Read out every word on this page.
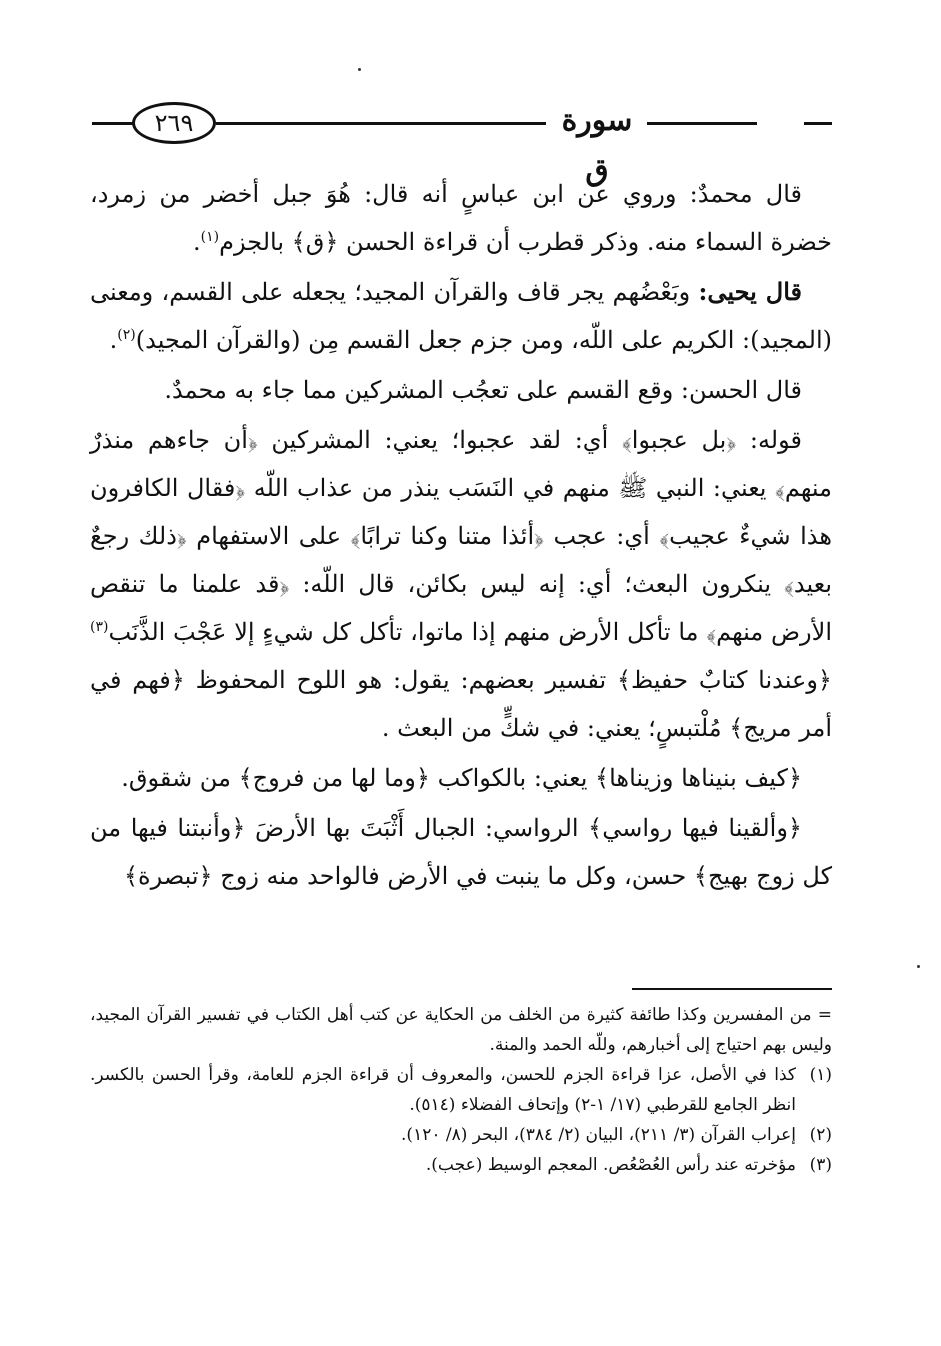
٢٦٩	سورة ق

قال محمدٌ: وروي عن ابن عباسٍ أنه قال: هُوَ جبل أخضر من زمرد، خضرة السماء منه. وذكر قطرب أن قراءة الحسن ﴿ق﴾ بالجزم$^{(١)}$.

قال يحيى: وبَعْضُهم يجر قاف والقرآن المجيد؛ يجعله على القسم، ومعنى (المجيد): الكريم على اللّه، ومن جزم جعل القسم مِن (والقرآن المجيد)$^{(٢)}$.

قال الحسن: وقع القسم على تعجُب المشركين مما جاء به محمدٌ.

قوله: ﴿بل عجبوا﴾ أي: لقد عجبوا؛ يعني: المشركين ﴿أن جاءهم منذرٌ منهم﴾ يعني: النبي ﷺ منهم في النَسَب ينذر من عذاب اللّه ﴿فقال الكافرون هذا شيءٌ عجيب﴾ أي: عجب ﴿أئذا متنا وكنا ترابًا﴾ على الاستفهام ﴿ذلك رجعٌ بعيد﴾ ينكرون البعث؛ أي: إنه ليس بكائن، قال اللّه: ﴿قد علمنا ما تنقص الأرض منهم﴾ ما تأكل الأرض منهم إذا ماتوا، تأكل كل شيءٍ إلا عَجْبَ الذَّنَب$^{(٣)}$ ﴿وعندنا كتابٌ حفيظ﴾ تفسير بعضهم: يقول: هو اللوح المحفوظ ﴿فهم في أمر مريج﴾ مُلْتبسٍ؛ يعني: في شكٍّ من البعث .

﴿كيف بنيناها وزيناها﴾ يعني: بالكواكب ﴿وما لها من فروج﴾ من شقوق.

﴿وألقينا فيها رواسي﴾ الرواسي: الجبال أَثْبَتَ بها الأرضَ ﴿وأنبتنا فيها من كل زوج بهيج﴾ حسن، وكل ما ينبت في الأرض فالواحد منه زوج ﴿تبصرة﴾

= من المفسرين وكذا طائفة كثيرة من الخلف من الحكاية عن كتب أهل الكتاب في تفسير القرآن المجيد، وليس بهم احتياج إلى أخبارهم، وللّه الحمد والمنة.

(١)
كذا في الأصل، عزا قراءة الجزم للحسن، والمعروف أن قراءة الجزم للعامة، وقرأ الحسن بالكسر. انظر الجامع للقرطبي (١٧/ ١-٢) وإتحاف الفضلاء (٥١٤).

(٢)
إعراب القرآن (٣/ ٢١١)، البيان (٢/ ٣٨٤)، البحر (٨/ ١٢٠).

(٣)
مؤخرته عند رأس العُصْعُص. المعجم الوسيط (عجب).
